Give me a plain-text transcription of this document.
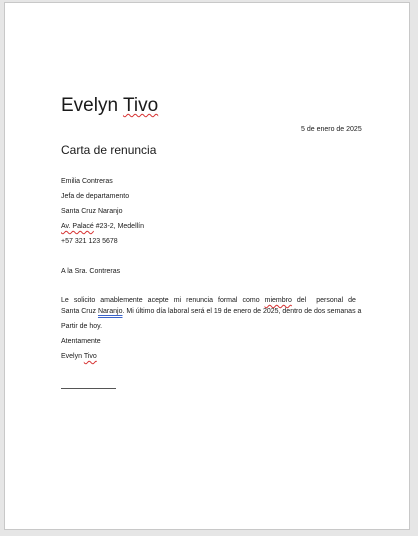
Evelyn Tivo
5 de enero de 2025
Carta de renuncia
Emilia Contreras
Jefa de departamento
Santa Cruz Naranjo
Av. Palacé #23-2, Medellín
+57 321 123 5678
A la Sra. Contreras
Le solicito amablemente acepte mi renuncia formal como miembro del personal de
Santa Cruz Naranjo. Mi último día laboral será el 19 de enero de 2025, dentro de dos semanas a
Partir de hoy.
Atentamente
Evelyn Tivo
